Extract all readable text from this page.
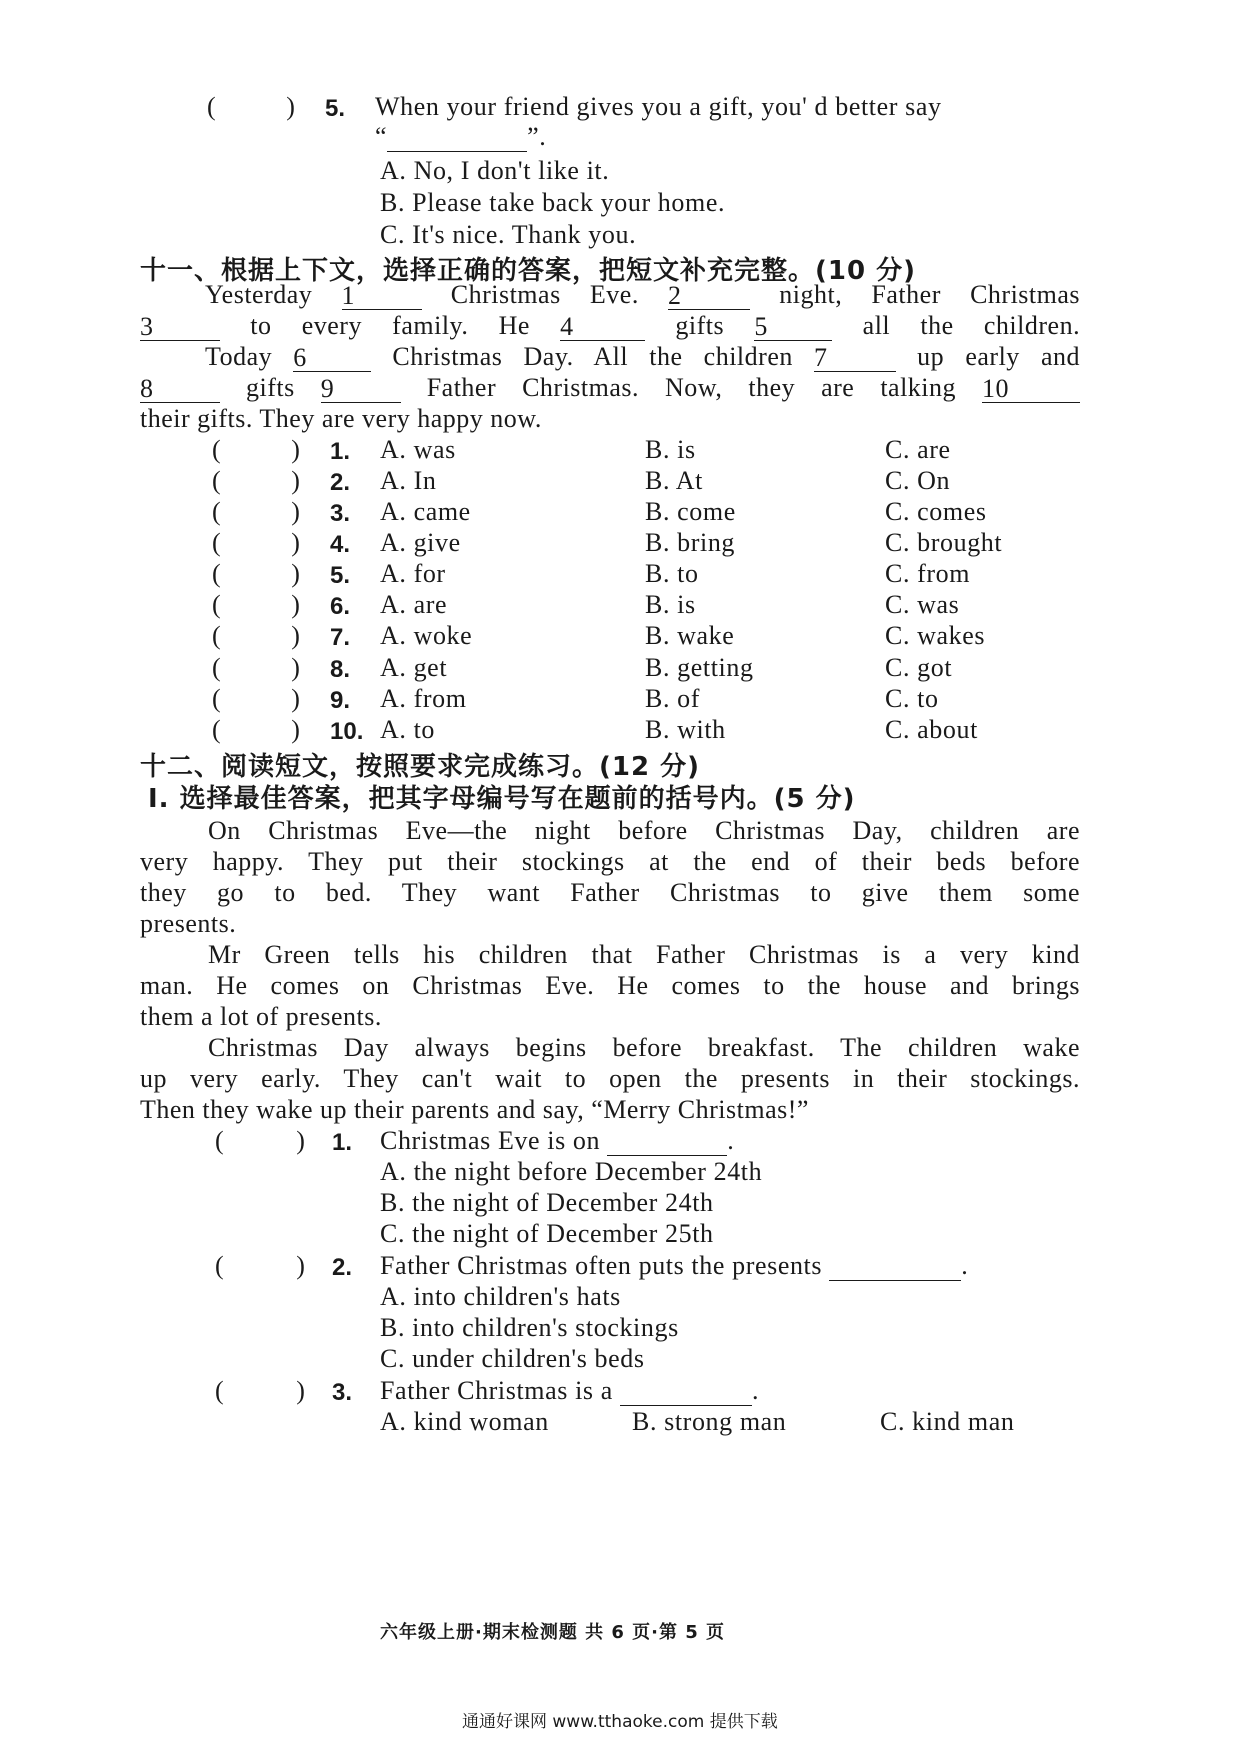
(	) 5. When your friend gives you a gift, you' d better say
“	”.
A. No, I don't like it.
B. Please take back your home.
C. It's nice. Thank you.
十一、根据上下文，选择正确的答案，把短文补充完整。(10 分)
Yesterday 1	Christmas Eve. 2	night, Father Christmas
3	to every family. He 4	gifts 5	all the children.
Today 6	Christmas Day. All the children 7	up early and
8	gifts 9	Father Christmas. Now, they are talking 10
their gifts. They are very happy now.
(	) 1. A. was	B. is	C. are
(	) 2. A. In	B. At	C. On
(	) 3. A. came	B. come	C. comes
(	) 4. A. give	B. bring	C. brought
(	) 5. A. for	B. to	C. from
(	) 6. A. are	B. is	C. was
(	) 7. A. woke	B. wake	C. wakes
(	) 8. A. get	B. getting	C. got
(	) 9. A. from	B. of	C. to
(	) 10. A. to	B. with	C. about
十二、阅读短文，按照要求完成练习。(12 分)
Ⅰ. 选择最佳答案，把其字母编号写在题前的括号内。(5 分)
On Christmas Eve—the night before Christmas Day, children are
very happy. They put their stockings at the end of their beds before
they go to bed. They want Father Christmas to give them some
presents.
Mr Green tells his children that Father Christmas is a very kind
man. He comes on Christmas Eve. He comes to the house and brings
them a lot of presents.
Christmas Day always begins before breakfast. The children wake
up very early. They can't wait to open the presents in their stockings.
Then they wake up their parents and say, “Merry Christmas!”
(	) 1. Christmas Eve is on	.
A. the night before December 24th
B. the night of December 24th
C. the night of December 25th
(	) 2. Father Christmas often puts the presents	.
A. into children's hats
B. into children's stockings
C. under children's beds
(	) 3. Father Christmas is a	.
A. kind woman	B. strong man	C. kind man
六年级上册·期末检测题 共 6 页·第 5 页
通通好课网 www.tthaoke.com 提供下载
